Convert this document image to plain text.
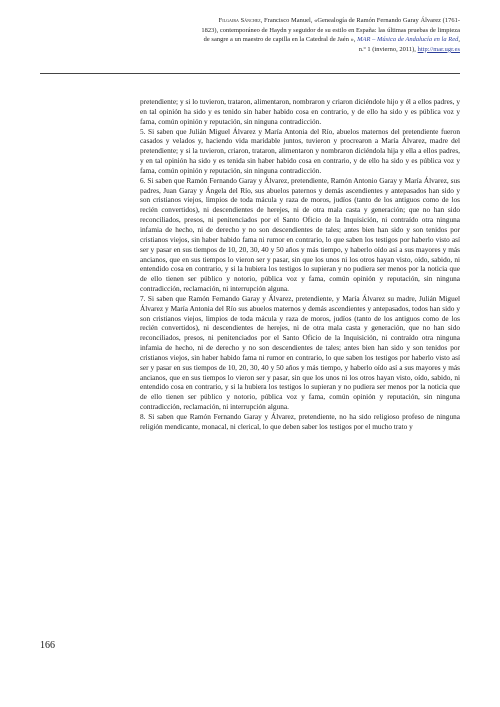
Filgaira Sánchez, Francisco Manuel, «Genealogía de Ramón Fernando Garay Álvarez (1761-
1823), contemporáneo de Haydn y seguidor de su estilo en España: las últimas pruebas de limpieza
de sangre a un maestro de capilla en la Catedral de Jaén », MAR – Música de Andalucía en la Red,
n.º 1 (invierno, 2011), http://mar.ugr.es

pretendiente; y si lo tuvieron, trataron, alimentaron, nombraron y criaron diciéndole hijo y él a ellos padres, y en tal opinión ha sido y es tenido sin haber habido cosa en contrario, y de ello ha sido y es pública voz y fama, común opinión y reputación, sin ninguna contradicción.

5. Si saben que Julián Miguel Álvarez y María Antonia del Río, abuelos maternos del pretendiente fueron casados y velados y, haciendo vida maridable juntos, tuvieron y procrearon a María Álvarez, madre del pretendiente; y si la tuvieron, criaron, trataron, alimentaron y nombraron diciéndola hija y ella a ellos padres, y en tal opinión ha sido y es tenida sin haber habido cosa en contrario, y de ello ha sido y es pública voz y fama, común opinión y reputación, sin ninguna contradicción.

6. Si saben que Ramón Fernando Garay y Álvarez, pretendiente, Ramón Antonio Garay y María Álvarez, sus padres, Juan Garay y Ángela del Río, sus abuelos paternos y demás ascendientes y antepasados han sido y son cristianos viejos, limpios de toda mácula y raza de moros, judíos (tanto de los antiguos como de los recién convertidos), ni descendientes de herejes, ni de otra mala casta y generación; que no han sido reconciliados, presos, ni penitenciados por el Santo Oficio de la Inquisición, ni contraído otra ninguna infamia de hecho, ni de derecho y no son descendientes de tales; antes bien han sido y son tenidos por cristianos viejos, sin haber habido fama ni rumor en contrario, lo que saben los testigos por haberlo visto así ser y pasar en sus tiempos de 10, 20, 30, 40 y 50 años y más tiempo, y haberlo oído así a sus mayores y más ancianos, que en sus tiempos lo vieron ser y pasar, sin que los unos ni los otros hayan visto, oído, sabido, ni entendido cosa en contrario, y si la hubiera los testigos lo supieran y no pudiera ser menos por la noticia que de ello tienen ser público y notorio, pública voz y fama, común opinión y reputación, sin ninguna contradicción, reclamación, ni interrupción alguna.

7. Si saben que Ramón Fernando Garay y Álvarez, pretendiente, y María Álvarez su madre, Julián Miguel Álvarez y María Antonia del Río sus abuelos maternos y demás ascendientes y antepasados, todos han sido y son cristianos viejos, limpios de toda mácula y raza de moros, judíos (tanto de los antiguos como de los recién convertidos), ni descendientes de herejes, ni de otra mala casta y generación, que no han sido reconciliados, presos, ni penitenciados por el Santo Oficio de la Inquisición, ni contraído otra ninguna infamia de hecho, ni de derecho y no son descendientes de tales; antes bien han sido y son tenidos por cristianos viejos, sin haber habido fama ni rumor en contrario, lo que saben los testigos por haberlo visto así ser y pasar en sus tiempos de 10, 20, 30, 40 y 50 años y más tiempo, y haberlo oído así a sus mayores y más ancianos, que en sus tiempos lo vieron ser y pasar, sin que los unos ni los otros hayan visto, oído, sabido, ni entendido cosa en contrario, y si la hubiera los testigos lo supieran y no pudiera ser menos por la noticia que de ello tienen ser público y notorio, pública voz y fama, común opinión y reputación, sin ninguna contradicción, reclamación, ni interrupción alguna.

8. Si saben que Ramón Fernando Garay y Álvarez, pretendiente, no ha sido religioso profeso de ninguna religión mendicante, monacal, ni clerical, lo que deben saber los testigos por el mucho trato y

166
